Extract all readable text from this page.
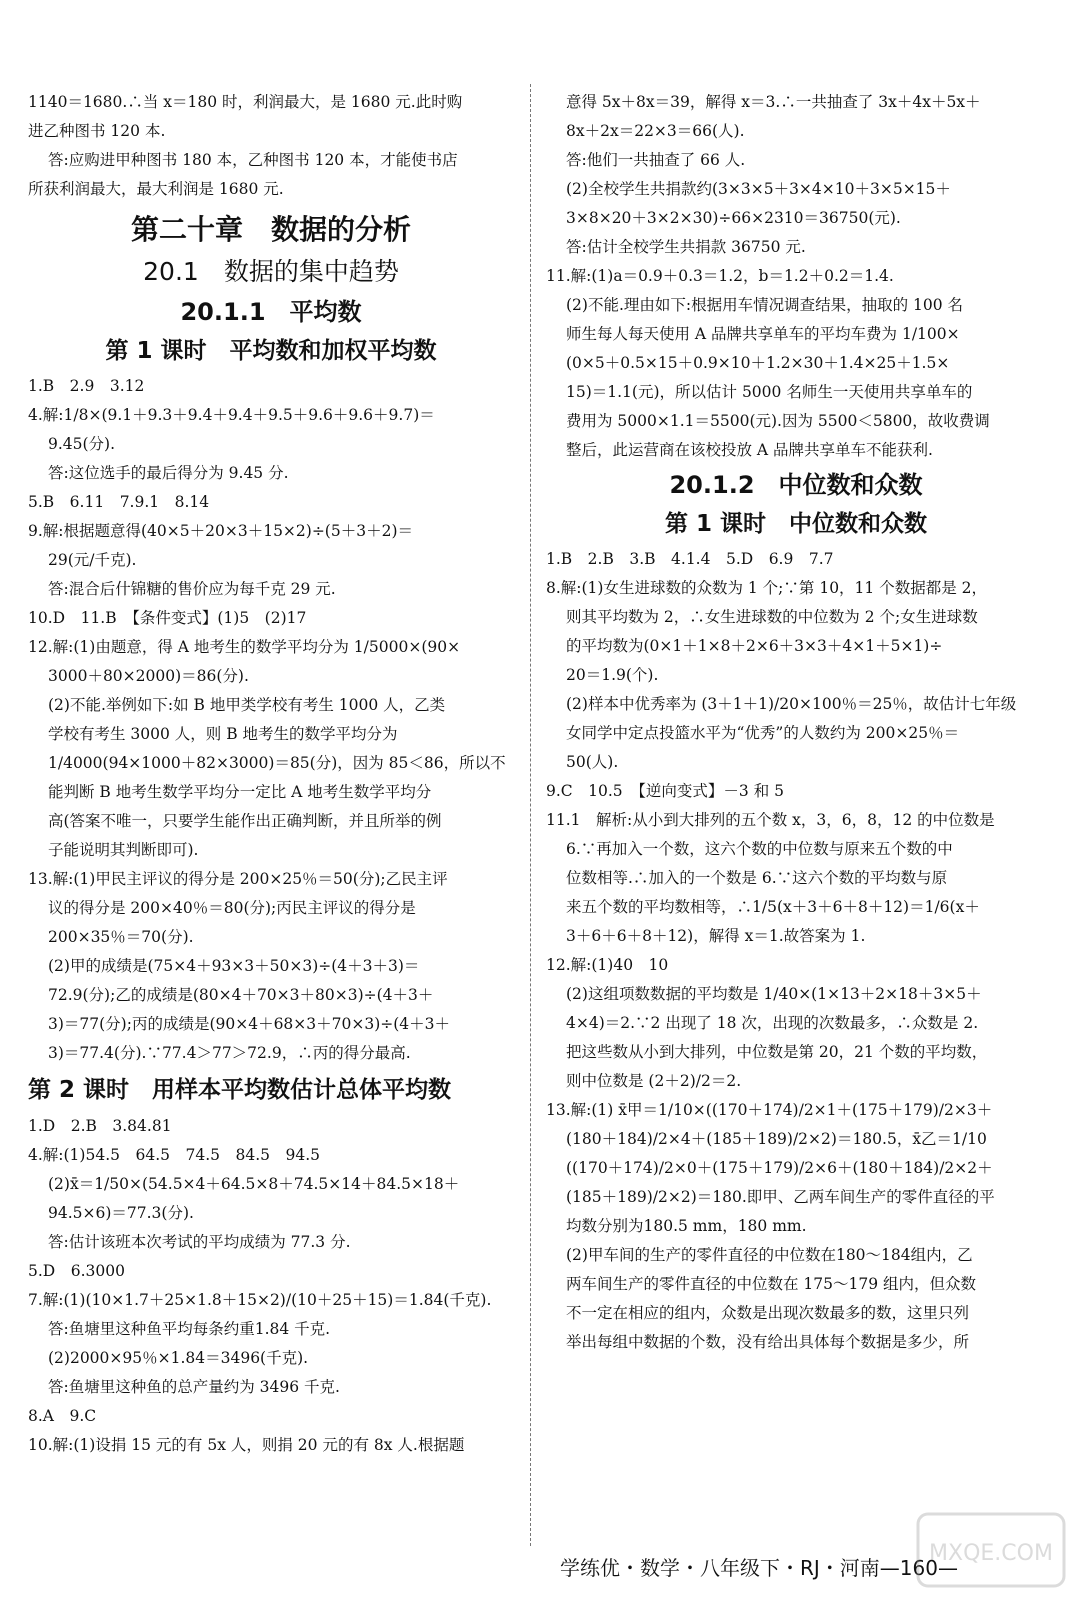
1140＝1680.∴当 x＝180 时，利润最大，是 1680 元.此时购
进乙种图书 120 本.
答:应购进甲种图书 180 本，乙种图书 120 本，才能使书店
所获利润最大，最大利润是 1680 元.
第二十章　数据的分析
20.1　数据的集中趋势
20.1.1　平均数
第 1 课时　平均数和加权平均数
1.B　2.9　3.12
4.解:1/8×(9.1＋9.3＋9.4＋9.4＋9.5＋9.6＋9.6＋9.7)＝
9.45(分).
答:这位选手的最后得分为 9.45 分.
5.B　6.11　7.9.1　8.14
9.解:根据题意得(40×5＋20×3＋15×2)÷(5＋3＋2)＝
29(元/千克).
答:混合后什锦糖的售价应为每千克 29 元.
10.D　11.B　【条件变式】(1)5　(2)17
12.解:(1)由题意，得 A 地考生的数学平均分为 1/5000×(90×
3000＋80×2000)＝86(分).
(2)不能.举例如下:如 B 地甲类学校有考生 1000 人，乙类
学校有考生 3000 人，则 B 地考生的数学平均分为
1/4000(94×1000＋82×3000)＝85(分)，因为 85＜86，所以不
能判断 B 地考生数学平均分一定比 A 地考生数学平均分
高(答案不唯一，只要学生能作出正确判断，并且所举的例
子能说明其判断即可).
13.解:(1)甲民主评议的得分是 200×25％＝50(分);乙民主评
议的得分是 200×40％＝80(分);丙民主评议的得分是
200×35％＝70(分).
(2)甲的成绩是(75×4＋93×3＋50×3)÷(4＋3＋3)＝
72.9(分);乙的成绩是(80×4＋70×3＋80×3)÷(4＋3＋
3)＝77(分);丙的成绩是(90×4＋68×3＋70×3)÷(4＋3＋
3)＝77.4(分).∵77.4＞77＞72.9，∴丙的得分最高.
第 2 课时　用样本平均数估计总体平均数
1.D　2.B　3.84.81
4.解:(1)54.5　64.5　74.5　84.5　94.5
(2)x̄＝1/50×(54.5×4＋64.5×8＋74.5×14＋84.5×18＋
94.5×6)＝77.3(分).
答:估计该班本次考试的平均成绩为 77.3 分.
5.D　6.3000
7.解:(1)(10×1.7＋25×1.8＋15×2)/(10＋25＋15)＝1.84(千克).
答:鱼塘里这种鱼平均每条约重1.84 千克.
(2)2000×95％×1.84＝3496(千克).
答:鱼塘里这种鱼的总产量约为 3496 千克.
8.A　9.C
10.解:(1)设捐 15 元的有 5x 人，则捐 20 元的有 8x 人.根据题
意得 5x＋8x＝39，解得 x＝3.∴一共抽查了 3x＋4x＋5x＋
8x＋2x＝22×3＝66(人).
答:他们一共抽查了 66 人.
(2)全校学生共捐款约(3×3×5＋3×4×10＋3×5×15＋
3×8×20＋3×2×30)÷66×2310＝36750(元).
答:估计全校学生共捐款 36750 元.
11.解:(1)a＝0.9＋0.3＝1.2，b＝1.2＋0.2＝1.4.
(2)不能.理由如下:根据用车情况调查结果，抽取的 100 名
师生每人每天使用 A 品牌共享单车的平均车费为 1/100×
(0×5＋0.5×15＋0.9×10＋1.2×30＋1.4×25＋1.5×
15)＝1.1(元)，所以估计 5000 名师生一天使用共享单车的
费用为 5000×1.1＝5500(元).因为 5500＜5800，故收费调
整后，此运营商在该校投放 A 品牌共享单车不能获利.
20.1.2　中位数和众数
第 1 课时　中位数和众数
1.B　2.B　3.B　4.1.4　5.D　6.9　7.7
8.解:(1)女生进球数的众数为 1 个;∵第 10，11 个数据都是 2，
则其平均数为 2，∴女生进球数的中位数为 2 个;女生进球数
的平均数为(0×1＋1×8＋2×6＋3×3＋4×1＋5×1)÷
20＝1.9(个).
(2)样本中优秀率为 (3＋1＋1)/20×100％＝25％，故估计七年级
女同学中定点投篮水平为“优秀”的人数约为 200×25％＝
50(人).
9.C　10.5　【逆向变式】－3 和 5
11.1　解析:从小到大排列的五个数 x，3，6，8，12 的中位数是
6.∵再加入一个数，这六个数的中位数与原来五个数的中
位数相等.∴加入的一个数是 6.∵这六个数的平均数与原
来五个数的平均数相等，∴1/5(x＋3＋6＋8＋12)＝1/6(x＋
3＋6＋6＋8＋12)，解得 x＝1.故答案为 1.
12.解:(1)40　10
(2)这组项数数据的平均数是 1/40×(1×13＋2×18＋3×5＋
4×4)＝2.∵2 出现了 18 次，出现的次数最多，∴众数是 2.
把这些数从小到大排列，中位数是第 20，21 个数的平均数，
则中位数是 (2＋2)/2＝2.
13.解:(1) x̄甲＝1/10×((170＋174)/2×1＋(175＋179)/2×3＋
(180＋184)/2×4＋(185＋189)/2×2)＝180.5，x̄乙＝1/10
((170＋174)/2×0＋(175＋179)/2×6＋(180＋184)/2×2＋
(185＋189)/2×2)＝180.即甲、乙两车间生产的零件直径的平
均数分别为180.5 mm，180 mm.
(2)甲车间的生产的零件直径的中位数在180～184组内，乙
两车间生产的零件直径的中位数在 175～179 组内，但众数
不一定在相应的组内，众数是出现次数最多的数，这里只列
举出每组中数据的个数，没有给出具体每个数据是多少，所
学练优・数学・八年级下・RJ・河南—160—
MXQE.COM
